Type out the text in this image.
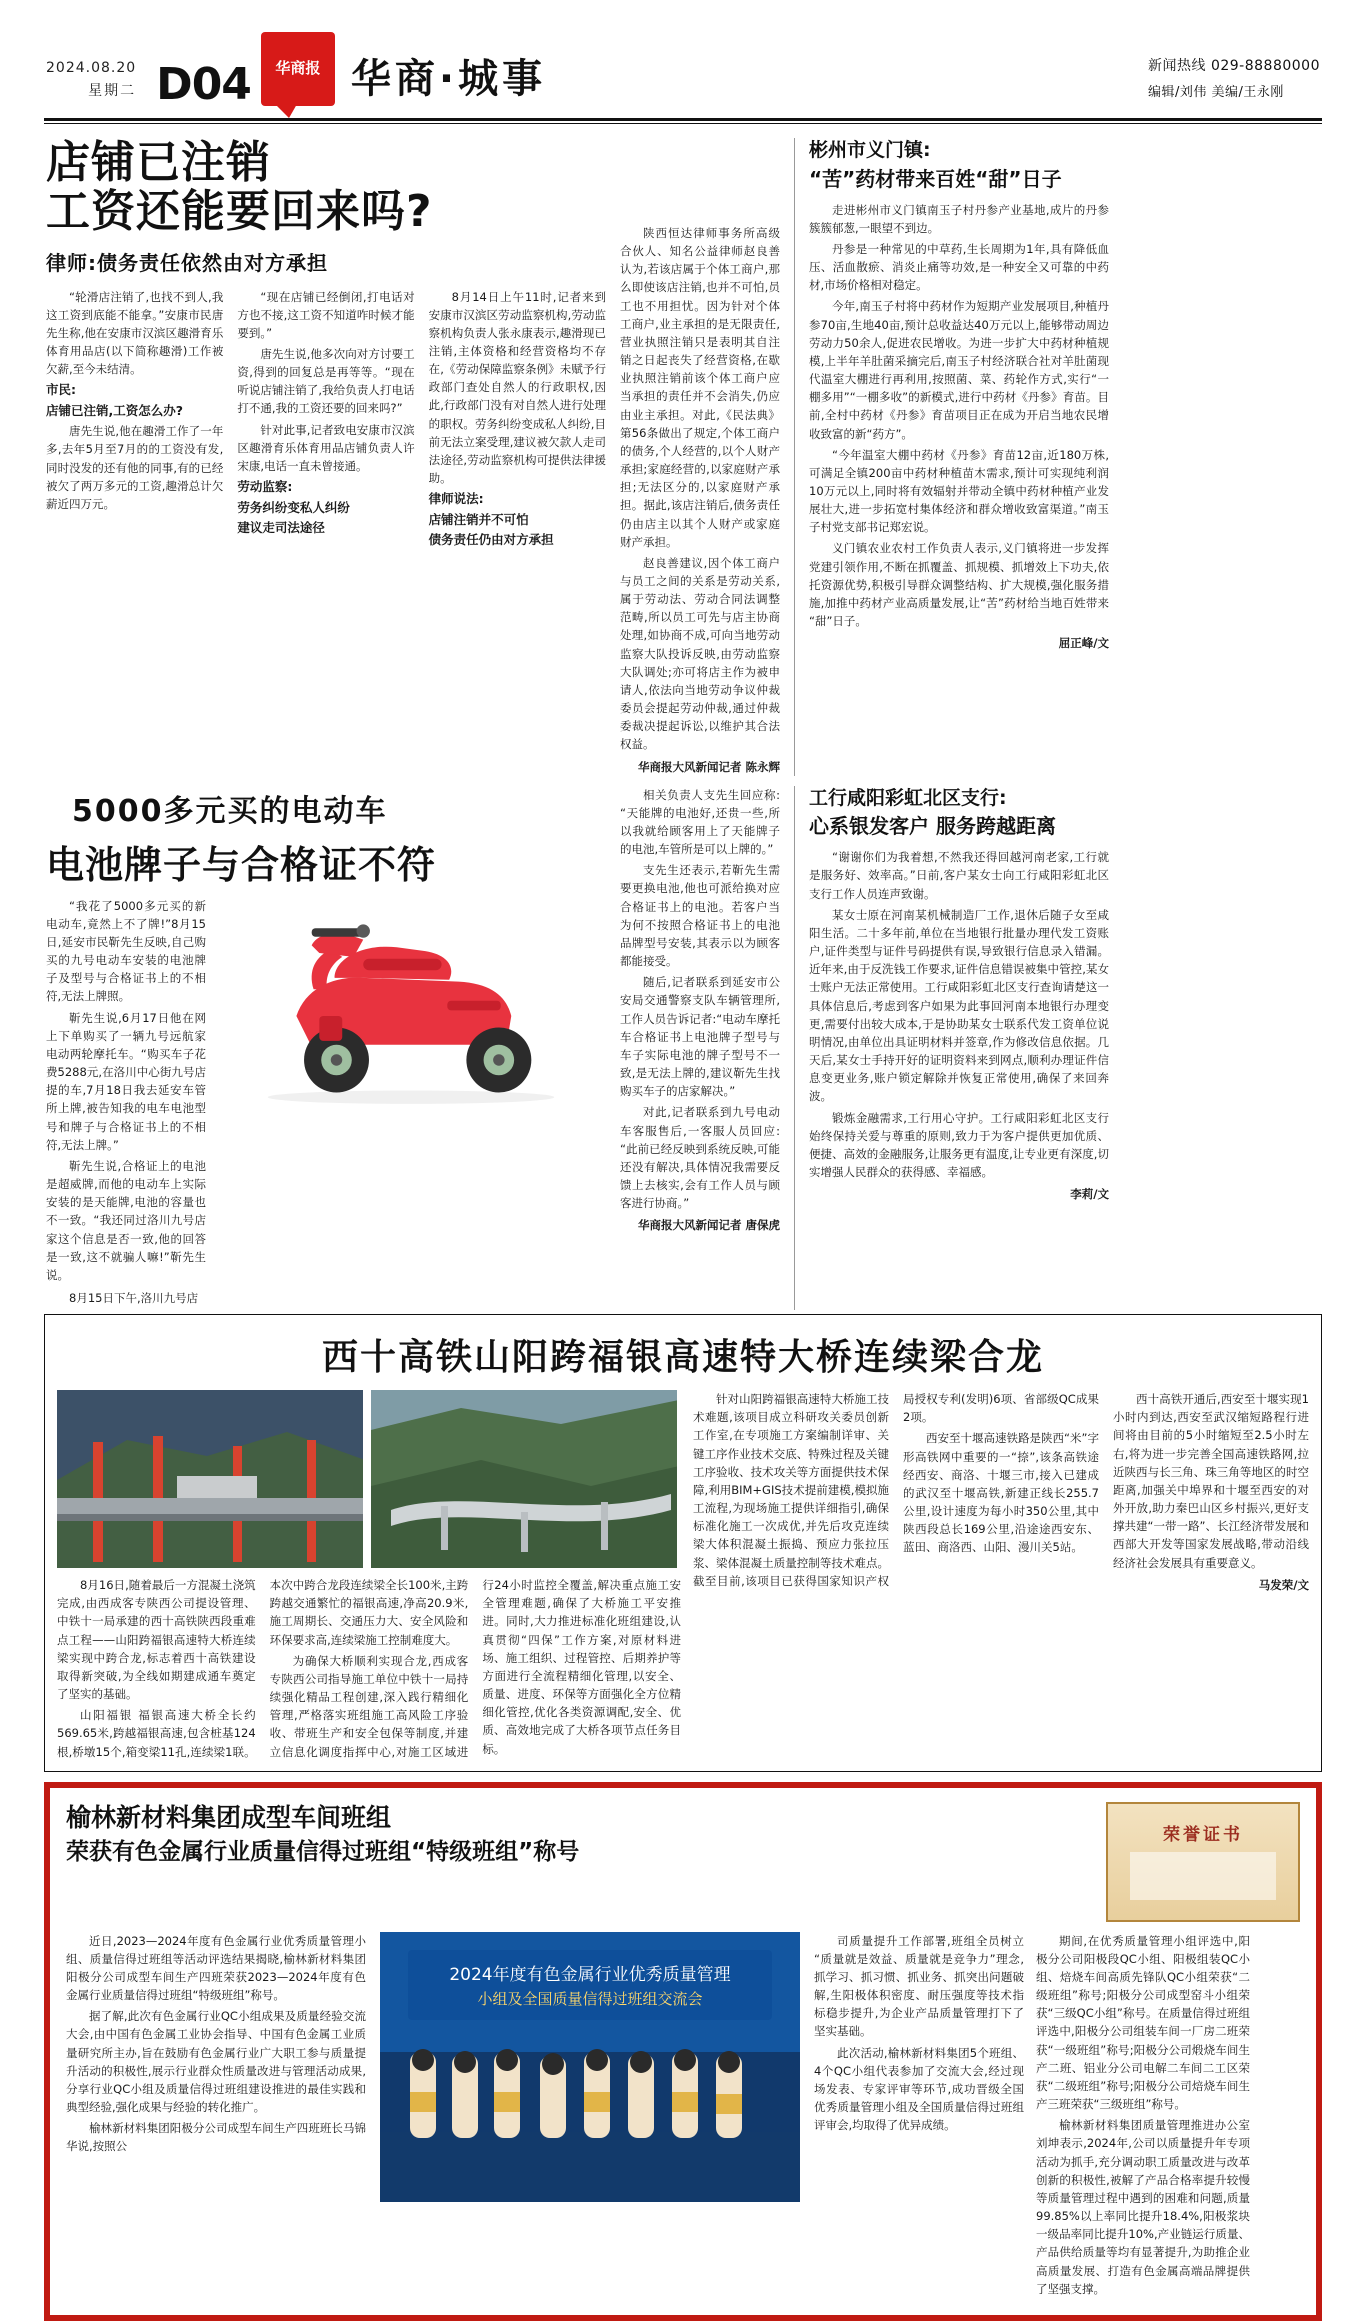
2024.08.20
星期二 D04	华商报 华商·城事	新闻热线 029-88880000
编辑/刘伟 美编/王永刚
店铺已注销
工资还能要回来吗?
律师:债务责任依然由对方承担

“轮滑店注销了,也找不到人,我这工资到底能不能拿。”安康市民唐先生称,他在安康市汉滨区趣滑育乐体育用品店(以下简称趣滑)工作被欠薪,至今未结清。

市民:

店铺已注销,工资怎么办?

唐先生说,他在趣滑工作了一年多,去年5月至7月的的工资没有发,同时没发的还有他的同事,有的已经被欠了两万多元的工资,趣滑总计欠薪近四万元。

“现在店铺已经倒闭,打电话对方也不接,这工资不知道咋时候才能要到。”

唐先生说,他多次向对方讨要工资,得到的回复总是再等等。“现在听说店铺注销了,我给负责人打电话打不通,我的工资还要的回来吗?”

针对此事,记者致电安康市汉滨区趣滑育乐体育用品店铺负责人许宋康,电话一直未曾接通。

劳动监察:

劳务纠纷变私人纠纷

建议走司法途径

8月14日上午11时,记者来到安康市汉滨区劳动监察机构,劳动监察机构负责人张永康表示,趣滑现已注销,主体资格和经营资格均不存在,《劳动保障监察条例》未赋予行政部门查处自然人的行政职权,因此,行政部门没有对自然人进行处理的职权。劳务纠纷变成私人纠纷,目前无法立案受理,建议被欠款人走司法途径,劳动监察机构可提供法律援助。

律师说法:

店铺注销并不可怕

债务责任仍由对方承担

陕西恒达律师事务所高级合伙人、知名公益律师赵良善认为,若该店属于个体工商户,那么即使该店注销,也并不可怕,员工也不用担忧。因为针对个体工商户,业主承担的是无限责任,营业执照注销只是表明其自注销之日起丧失了经营资格,在歇业执照注销前该个体工商户应当承担的责任并不会消失,仍应由业主承担。对此,《民法典》第56条做出了规定,个体工商户的债务,个人经营的,以个人财产承担;家庭经营的,以家庭财产承担;无法区分的,以家庭财产承担。据此,该店注销后,债务责任仍由店主以其个人财产或家庭财产承担。

赵良善建议,因个体工商户与员工之间的关系是劳动关系,属于劳动法、劳动合同法调整范畴,所以员工可先与店主协商处理,如协商不成,可向当地劳动监察大队投诉反映,由劳动监察大队调处;亦可将店主作为被申请人,依法向当地劳动争议仲裁委员会提起劳动仲裁,通过仲裁委裁决提起诉讼,以维护其合法权益。

华商报大风新闻记者 陈永辉
彬州市义门镇:
“苦”药材带来百姓“甜”日子

走进彬州市义门镇南玉子村丹参产业基地,成片的丹参簇簇郁葱,一眼望不到边。

丹参是一种常见的中草药,生长周期为1年,具有降低血压、活血散瘀、消炎止痛等功效,是一种安全又可靠的中药材,市场价格相对稳定。

今年,南玉子村将中药材作为短期产业发展项目,种植丹参70亩,生地40亩,预计总收益达40万元以上,能够带动周边劳动力50余人,促进农民增收。为进一步扩大中药材种植规模,上半年羊肚菌采摘完后,南玉子村经济联合社对羊肚菌现代温室大棚进行再利用,按照菌、菜、药轮作方式,实行“一棚多用”“一棚多收”的新模式,进行中药材《丹参》育苗。目前,全村中药材《丹参》育苗项目正在成为开启当地农民增收致富的新“药方”。

“今年温室大棚中药材《丹参》育苗12亩,近180万株,可满足全镇200亩中药材种植苗木需求,预计可实现纯利润10万元以上,同时将有效辐射并带动全镇中药材种植产业发展壮大,进一步拓宽村集体经济和群众增收致富渠道。”南玉子村党支部书记郑宏说。

义门镇农业农村工作负责人表示,义门镇将进一步发挥党建引领作用,不断在抓覆盖、抓规模、抓增效上下功夫,依托资源优势,积极引导群众调整结构、扩大规模,强化服务措施,加推中药材产业高质量发展,让“苦”药材给当地百姓带来“甜”日子。

屈正峰/文
5000多元买的电动车
电池牌子与合格证不符

“我花了5000多元买的新电动车,竟然上不了牌!”8月15日,延安市民靳先生反映,自己购买的九号电动车安装的电池牌子及型号与合格证书上的不相符,无法上牌照。

靳先生说,6月17日他在网上下单购买了一辆九号远航家电动两轮摩托车。“购买车子花费5288元,在洛川中心街九号店提的车,7月18日我去延安车管所上牌,被告知我的电车电池型号和牌子与合格证书上的不相符,无法上牌。”

靳先生说,合格证上的电池是超威牌,而他的电动车上实际安装的是天能牌,电池的容量也不一致。“我还同过洛川九号店家这个信息是否一致,他的回答是一致,这不就骗人嘛!”靳先生说。

8月15日下午,洛川九号店

相关负责人支先生回应称:“天能牌的电池好,还贵一些,所以我就给顾客用上了天能牌子的电池,车管所是可以上牌的。”

支先生还表示,若靳先生需要更换电池,他也可派给换对应合格证书上的电池。若客户当为何不按照合格证书上的电池品牌型号安装,其表示以为顾客都能接受。

随后,记者联系到延安市公安局交通警察支队车辆管理所,工作人员告诉记者:“电动车摩托车合格证书上电池牌子型号与车子实际电池的牌子型号不一致,是无法上牌的,建议靳先生找购买车子的店家解决。”

对此,记者联系到九号电动车客服售后,一客服人员回应:“此前已经反映到系统反映,可能还没有解决,具体情况我需要反馈上去核实,会有工作人员与顾客进行协商。”

华商报大风新闻记者 唐保虎
工行咸阳彩虹北区支行:
心系银发客户 服务跨越距离

“谢谢你们为我着想,不然我还得回越河南老家,工行就是服务好、效率高。”日前,客户某女士向工行咸阳彩虹北区支行工作人员连声致谢。

某女士原在河南某机械制造厂工作,退休后随子女至咸阳生活。二十多年前,单位在当地银行批量办理代发工资账户,证件类型与证件号码提供有误,导致银行信息录入错漏。近年来,由于反洗钱工作要求,证件信息错误被集中管控,某女士账户无法正常使用。工行咸阳彩虹北区支行查询请楚这一具体信息后,考虑到客户如果为此事回河南本地银行办理变更,需要付出较大成本,于是协助某女士联系代发工资单位说明情况,由单位出具证明材料并签章,作为修改信息依据。几天后,某女士手持开好的证明资料来到网点,顺利办理证件信息变更业务,账户锁定解除并恢复正常使用,确保了来回奔波。

锻炼金融需求,工行用心守护。工行咸阳彩虹北区支行始终保持关爱与尊重的原则,致力于为客户提供更加优质、便捷、高效的金融服务,让服务更有温度,让专业更有深度,切实增强人民群众的获得感、幸福感。

李莉/文
西十高铁山阳跨福银高速特大桥连续梁合龙

8月16日,随着最后一方混凝土浇筑完成,由西成客专陕西公司提设管理、中铁十一局承建的西十高铁陕西段重难点工程——山阳跨福银高速特大桥连续梁实现中跨合龙,标志着西十高铁建设取得新突破,为全线如期建成通车奠定了坚实的基础。

山阳福银 福银高速大桥全长约569.65米,跨越福银高速,包含桩基124根,桥墩15个,箱变梁11孔,连续梁1联。本次中跨合龙段连续梁全长100米,主跨跨越交通繁忙的福银高速,净高20.9米,施工周期长、交通压力大、安全风险和环保要求高,连续梁施工控制难度大。

为确保大桥顺利实现合龙,西成客专陕西公司指导施工单位中铁十一局持续强化精品工程创建,深入践行精细化管理,严格落实班组施工高风险工序验收、带班生产和安全包保等制度,并建立信息化调度指挥中心,对施工区域进行24小时监控全覆盖,解决重点施工安全管理难题,确保了大桥施工平安推进。同时,大力推进标准化班组建设,认真贯彻“四保”工作方案,对原材料进场、施工组织、过程管控、后期养护等方面进行全流程精细化管理,以安全、质量、进度、环保等方面强化全方位精细化管控,优化各类资源调配,安全、优质、高效地完成了大桥各项节点任务目标。

针对山阳跨福银高速特大桥施工技术难题,该项目成立科研攻关委员创新工作室,在专项施工方案编制详审、关键工序作业技术交底、特殊过程及关键工序验收、技术攻关等方面提供技术保障,利用BIM+GIS技术提前建模,模拟施工流程,为现场施工提供详细指引,确保标准化施工一次成优,并先后攻克连续梁大体积混凝土振捣、预应力张拉压浆、梁体混凝土质量控制等技术难点。截至目前,该项目已获得国家知识产权局授权专利(发明)6项、省部级QC成果2项。

西安至十堰高速铁路是陕西“米”字形高铁网中重要的一“捺”,该条高铁途经西安、商洛、十堰三市,接入已建成的武汉至十堰高铁,新建正线长255.7公里,设计速度为每小时350公里,其中陕西段总长169公里,沿途途西安东、蓝田、商洛西、山阳、漫川关5站。

西十高铁开通后,西安至十堰实现1小时内到达,西安至武汉缩短路程行进间将由目前的5小时缩短至2.5小时左右,将为进一步完善全国高速铁路网,拉近陕西与长三角、珠三角等地区的时空距离,加强关中埠界和十堰至西安的对外开放,助力秦巴山区乡村振兴,更好支撑共建“一带一路”、长江经济带发展和西部大开发等国家发展战略,带动沿线经济社会发展具有重要意义。

马发荣/文
榆林新材料集团成型车间班组
荣获有色金属行业质量信得过班组“特级班组”称号
荣誉证书

近日,2023—2024年度有色金属行业优秀质量管理小组、质量信得过班组等活动评选结果揭晓,榆林新材料集团阳极分公司成型车间生产四班荣获2023—2024年度有色金属行业质量信得过班组“特级班组”称号。

据了解,此次有色金属行业QC小组成果及质量经验交流大会,由中国有色金属工业协会指导、中国有色金属工业质量研究所主办,旨在鼓励有色金属行业广大职工参与质量提升活动的积极性,展示行业群众性质量改进与管理活动成果,分享行业QC小组及质量信得过班组建设推进的最佳实践和典型经验,强化成果与经验的转化推广。

榆林新材料集团阳极分公司成型车间生产四班班长马锦华说,按照公

2024年度有色金属行业优秀质量管理
小组及全国质量信得过班组交流会

司质量提升工作部署,班组全员树立“质量就是效益、质量就是竞争力”理念,抓学习、抓习惯、抓业务、抓突出问题破解,生阳极体积密度、耐压强度等技术指标稳步提升,为企业产品质量管理打下了坚实基础。

此次活动,榆林新材料集团5个班组、4个QC小组代表参加了交流大会,经过现场发表、专家评审等环节,成功晋级全国优秀质量管理小组及全国质量信得过班组评审会,均取得了优异成绩。

期间,在优秀质量管理小组评选中,阳极分公司阳极段QC小组、阳极组装QC小组、焙烧车间高质先锋队QC小组荣获“二级班组”称号;阳极分公司成型窑斗小组荣获“三级QC小组”称号。在质量信得过班组评选中,阳极分公司组装车间一厂房二班荣获“一级班组”称号;阳极分公司煅烧车间生产二班、铝业分公司电解二车间二工区荣获“二级班组”称号;阳极分公司焙烧车间生产三班荣获“三级班组”称号。

榆林新材料集团质量管理推进办公室刘坤表示,2024年,公司以质量提升年专项活动为抓手,充分调动职工质量改进与改革创新的积极性,被解了产品合格率提升较慢等质量管理过程中遇到的困难和问题,质量99.85%以上率同比提升18.4%,阳极浆块一级品率同比提升10%,产业链运行质量、产品供给质量等均有显著提升,为助推企业高质量发展、打造有色金属高端品牌提供了坚强支撑。
